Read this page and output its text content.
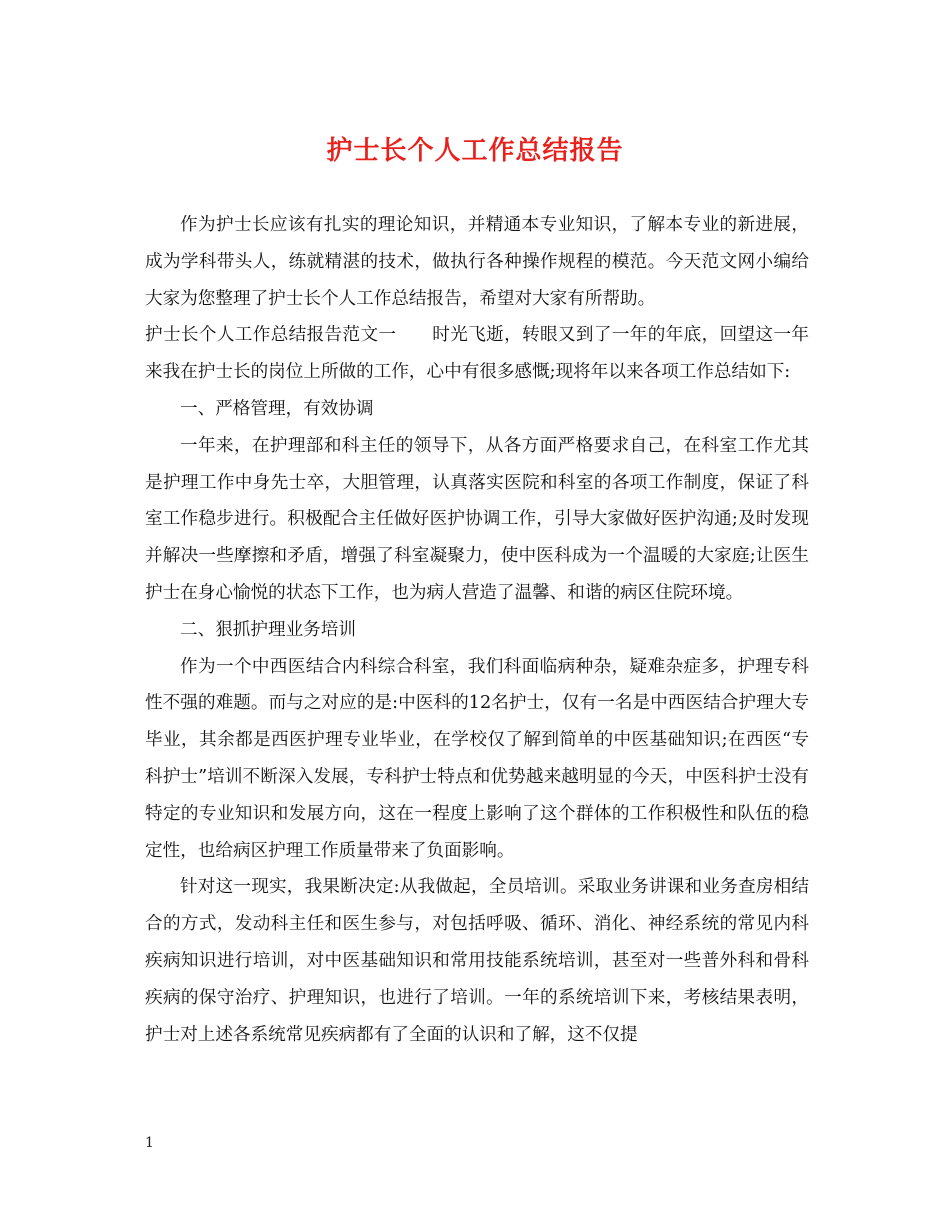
护士长个人工作总结报告

作为护士长应该有扎实的理论知识，并精通本专业知识，了解本专业的新进展，成为学科带头人，练就精湛的技术，做执行各种操作规程的模范。今天范文网小编给大家为您整理了护士长个人工作总结报告，希望对大家有所帮助。

护士长个人工作总结报告范文一　　时光飞逝，转眼又到了一年的年底，回望这一年来我在护士长的岗位上所做的工作，心中有很多感慨;现将年以来各项工作总结如下:

一、严格管理，有效协调

一年来，在护理部和科主任的领导下，从各方面严格要求自己，在科室工作尤其是护理工作中身先士卒，大胆管理，认真落实医院和科室的各项工作制度，保证了科室工作稳步进行。积极配合主任做好医护协调工作，引导大家做好医护沟通;及时发现并解决一些摩擦和矛盾，增强了科室凝聚力，使中医科成为一个温暖的大家庭;让医生护士在身心愉悦的状态下工作，也为病人营造了温馨、和谐的病区住院环境。

二、狠抓护理业务培训

作为一个中西医结合内科综合科室，我们科面临病种杂，疑难杂症多，护理专科性不强的难题。而与之对应的是:中医科的12名护士，仅有一名是中西医结合护理大专毕业，其余都是西医护理专业毕业，在学校仅了解到简单的中医基础知识;在西医“专科护士”培训不断深入发展，专科护士特点和优势越来越明显的今天，中医科护士没有特定的专业知识和发展方向，这在一程度上影响了这个群体的工作积极性和队伍的稳定性，也给病区护理工作质量带来了负面影响。

针对这一现实，我果断决定:从我做起，全员培训。采取业务讲课和业务查房相结合的方式，发动科主任和医生参与，对包括呼吸、循环、消化、神经系统的常见内科疾病知识进行培训，对中医基础知识和常用技能系统培训，甚至对一些普外科和骨科疾病的保守治疗、护理知识，也进行了培训。一年的系统培训下来，考核结果表明，护士对上述各系统常见疾病都有了全面的认识和了解，这不仅提

1
